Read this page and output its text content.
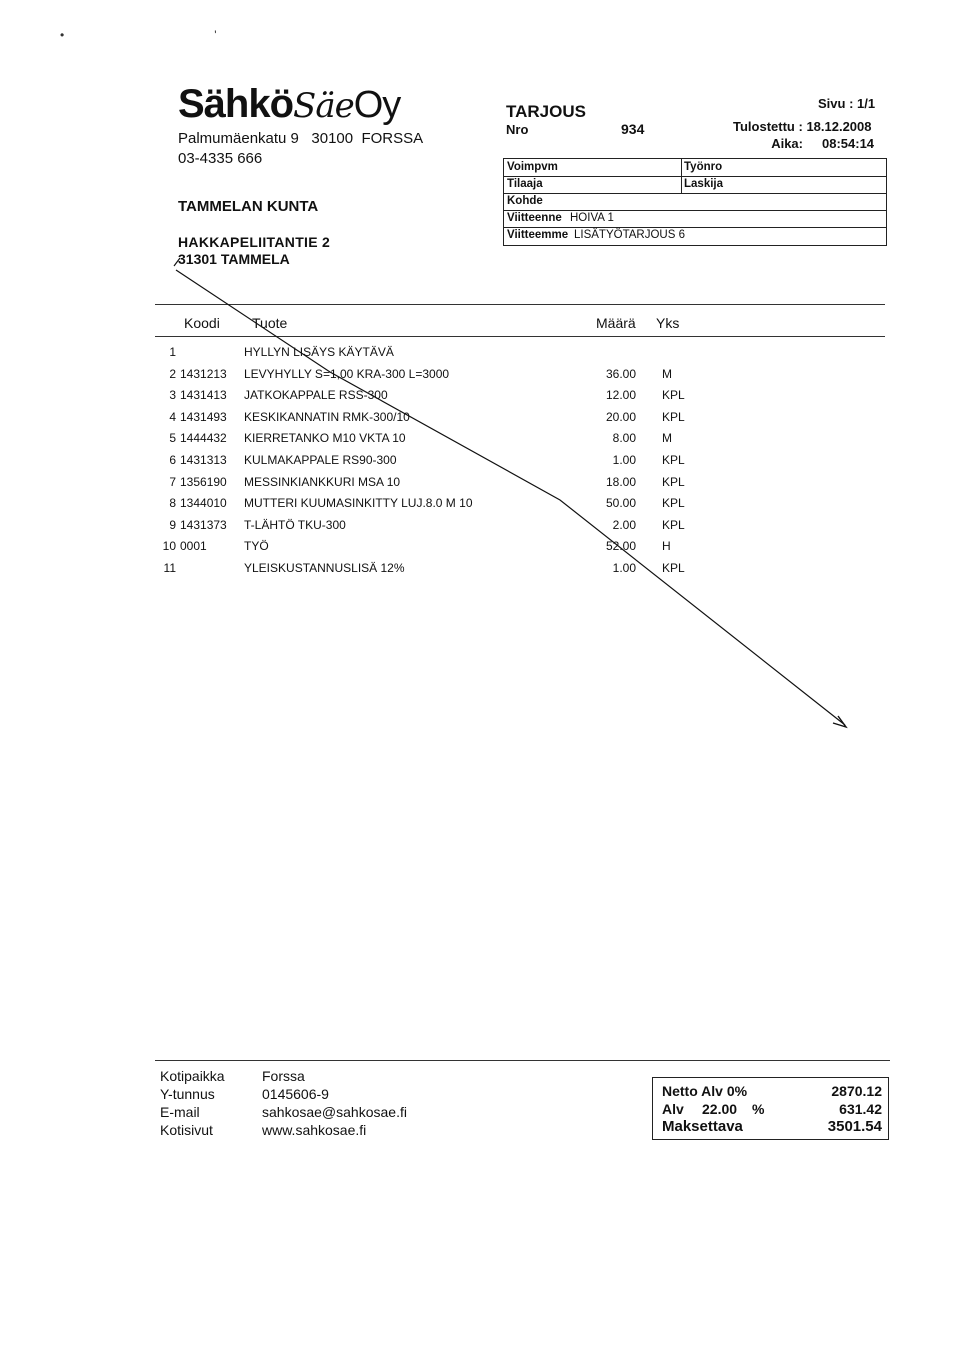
•                                             '
SähköSäeOy
Palmumäenkatu 9   30100  FORSSA
03-4335 666
TAMMELAN KUNTA
HAKKAPELIITANTIE 2
31301 TAMMELA
TARJOUS
Nro	934
Sivu : 1/1
Tulostettu : 18.12.2008
Aika: 08:54:14
Voimpvm	Työnro
Tilaaja	Laskija
Kohde
Viitteenne HOIVA 1
Viitteemme LISÄTYÖTARJOUS 6
Koodi Tuote	Määrä Yks
1	HYLLYN LISÄYS KÄYTÄVÄ
2 1431213 LEVYHYLLY S=1,00 KRA-300 L=3000	36.00 M
3 1431413 JATKOKAPPALE RSS-300	12.00 KPL
4 1431493 KESKIKANNATIN RMK-300/10	20.00 KPL
5 1444432 KIERRETANKO M10 VKTA 10	8.00 M
6 1431313 KULMAKAPPALE RS90-300	1.00 KPL
7 1356190 MESSINKIANKKURI MSA 10	18.00 KPL
8 1344010 MUTTERI KUUMASINKITTY LUJ.8.0 M 10	50.00 KPL
9 1431373 T-LÄHTÖ TKU-300	2.00 KPL
10 0001	TYÖ	52.00 H
11	YLEISKUSTANNUSLISÄ 12%	1.00 KPL
Kotipaikka	Forssa
Y-tunnus	0145606-9
E-mail	sahkosae@sahkosae.fi
Kotisivut	www.sahkosae.fi
Netto Alv 0%	2870.12
Alv 22.00 %	631.42
Maksettava	3501.54
